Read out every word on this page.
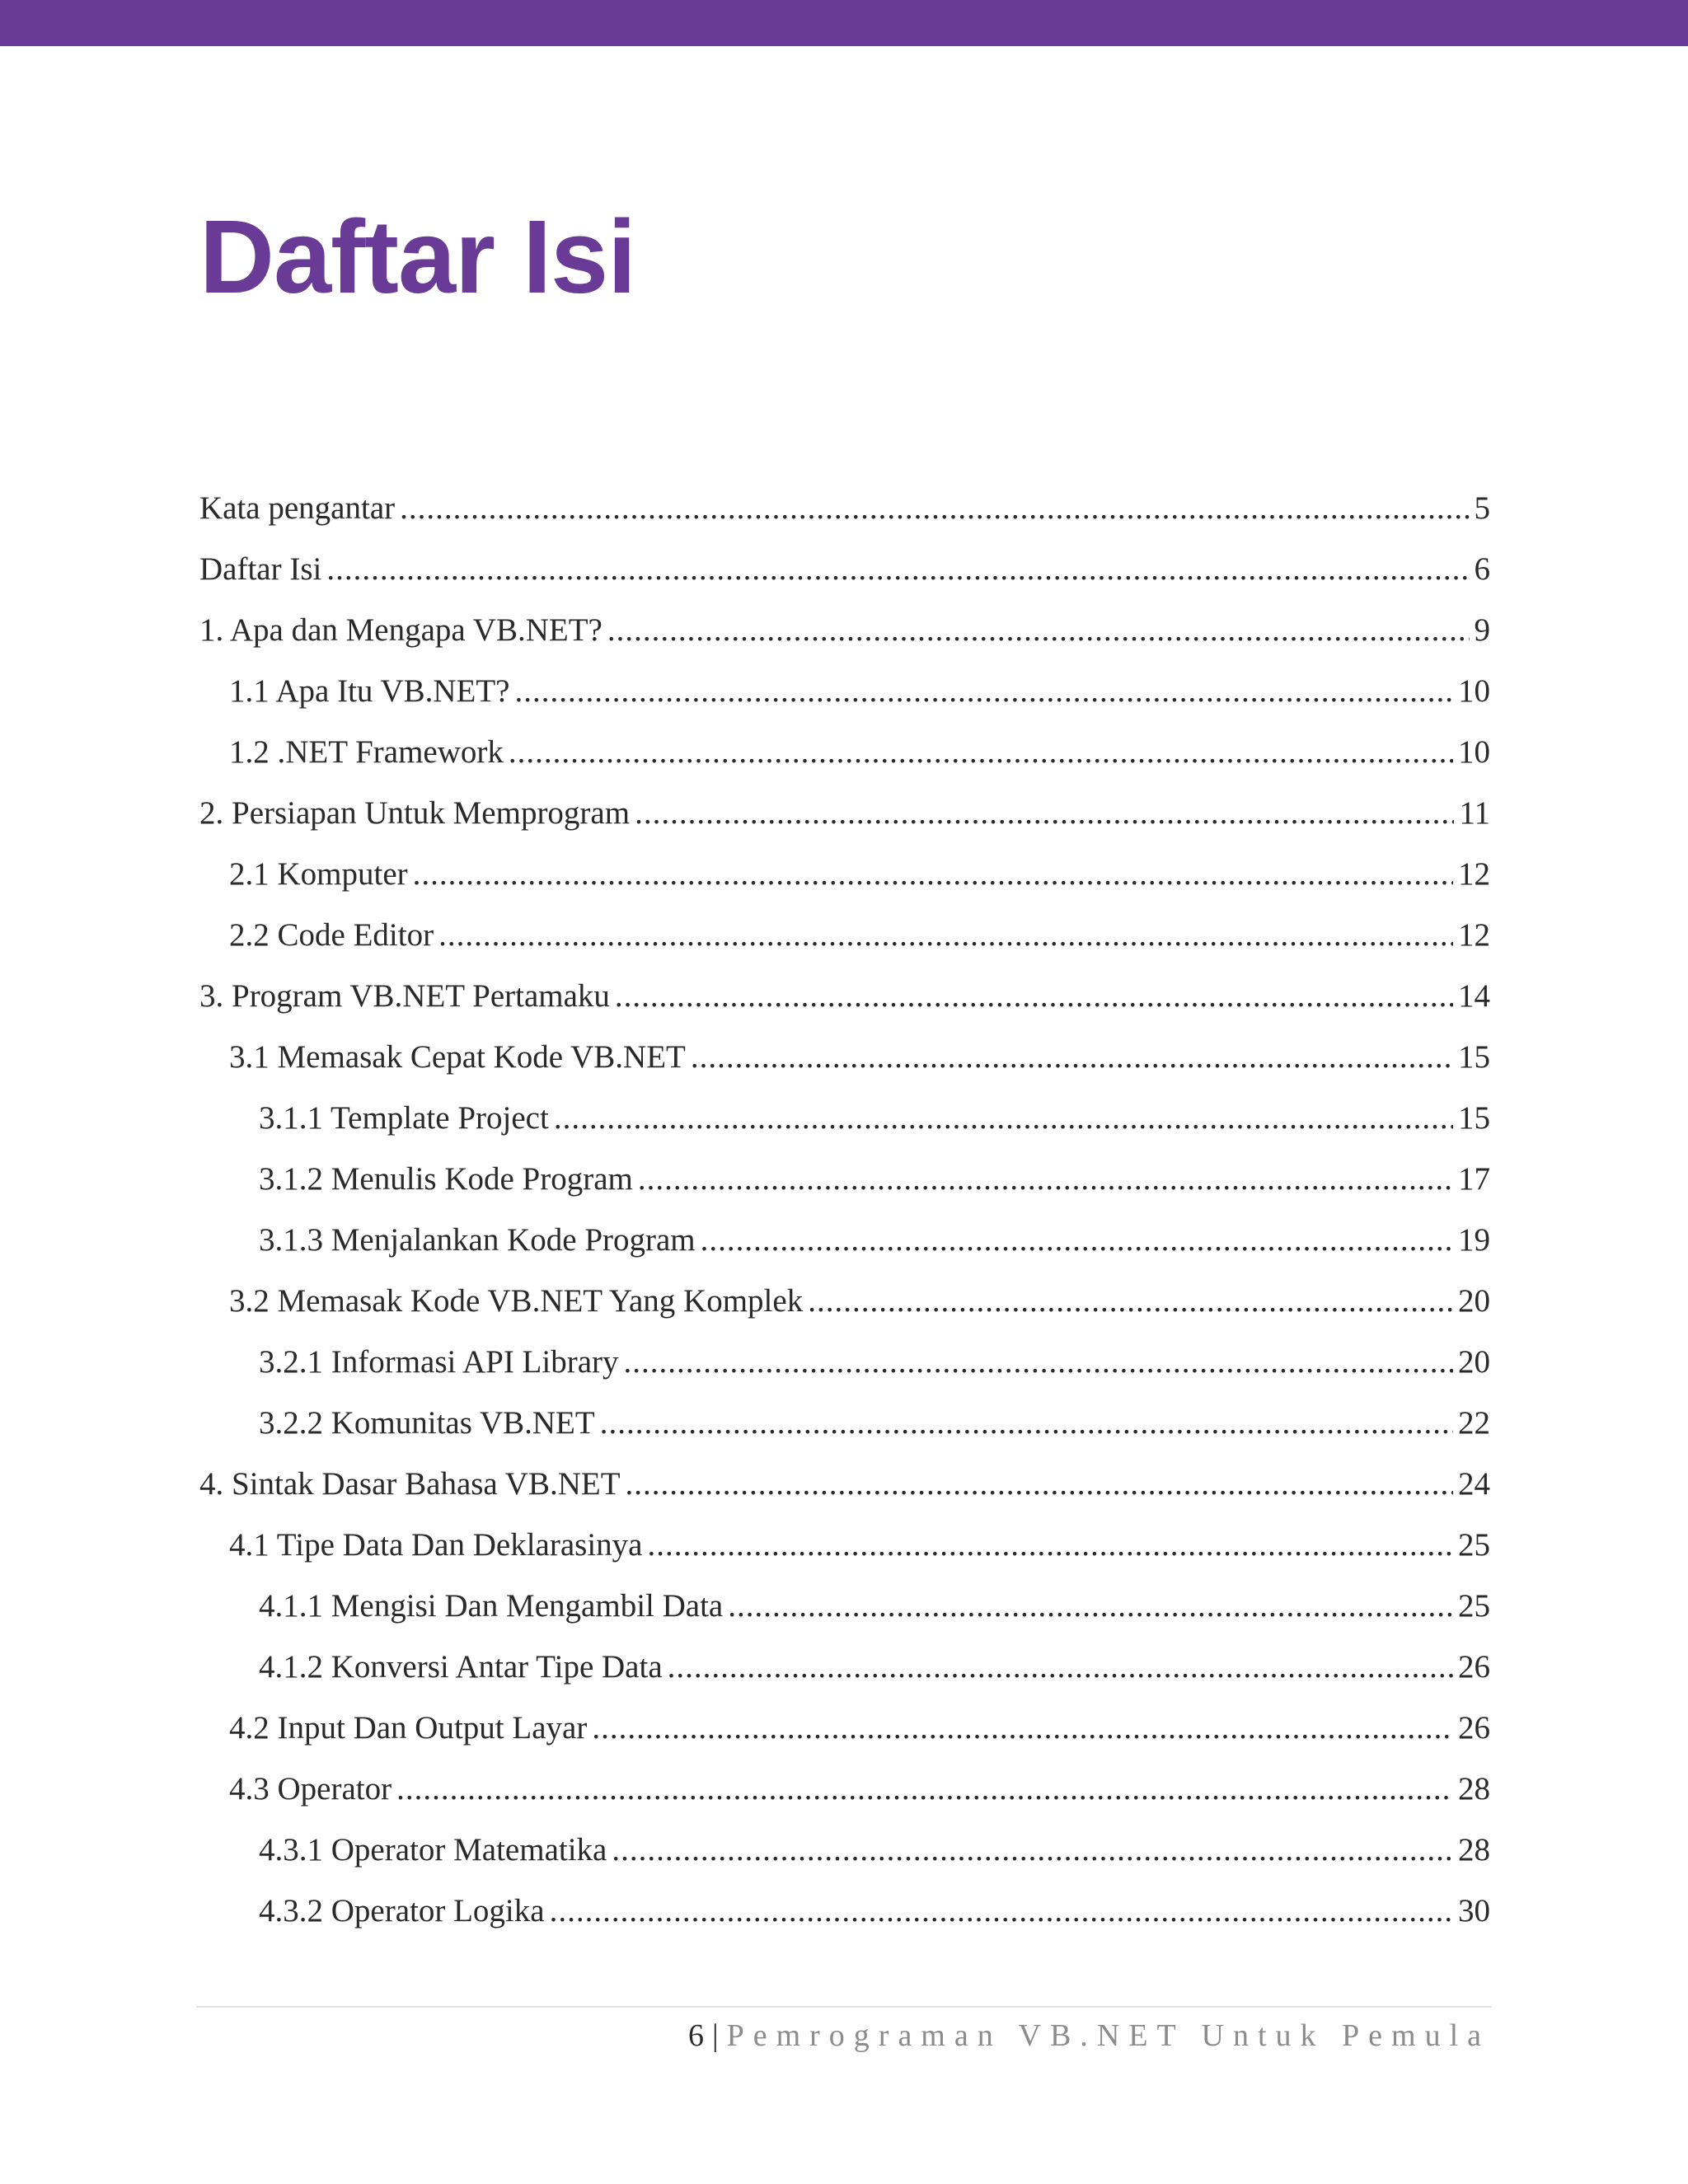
Daftar Isi
Kata pengantar .....	5
Daftar Isi .....	6
1. Apa dan Mengapa VB.NET? .....	9
1.1 Apa Itu VB.NET? .....	10
1.2 .NET Framework .....	10
2. Persiapan Untuk Memprogram .....	11
2.1 Komputer .....	12
2.2 Code Editor .....	12
3. Program VB.NET Pertamaku .....	14
3.1 Memasak Cepat Kode VB.NET .....	15
3.1.1 Template Project .....	15
3.1.2 Menulis Kode Program .....	17
3.1.3 Menjalankan Kode Program .....	19
3.2 Memasak Kode VB.NET Yang Komplek .....	20
3.2.1 Informasi API Library .....	20
3.2.2 Komunitas VB.NET .....	22
4. Sintak Dasar Bahasa VB.NET .....	24
4.1 Tipe Data Dan Deklarasinya .....	25
4.1.1 Mengisi Dan Mengambil Data .....	25
4.1.2 Konversi Antar Tipe Data .....	26
4.2 Input Dan Output Layar .....	26
4.3 Operator .....	28
4.3.1 Operator Matematika .....	28
4.3.2 Operator Logika .....	30
6 | Pemrograman VB.NET Untuk Pemula
